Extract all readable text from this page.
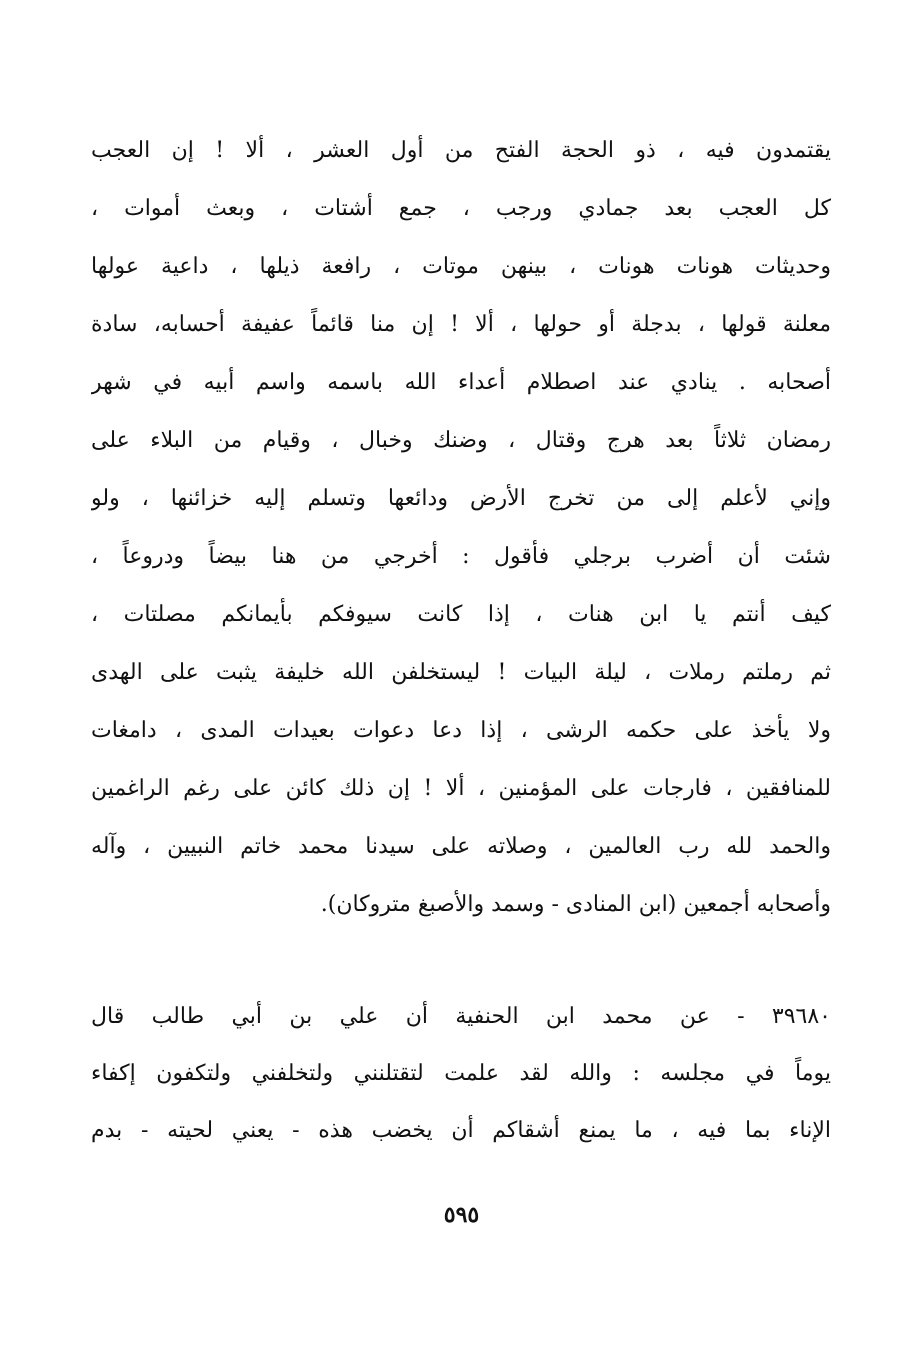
يقتمدون فيه ، ذو الحجة الفتح من أول العشر ، ألا ! إن العجب
كل العجب بعد جمادي ورجب ، جمع أشتات ، وبعث أموات ،
وحديثات هونات هونات ، بينهن موتات ، رافعة ذيلها ، داعية عولها
معلنة قولها ، بدجلة أو حولها ، ألا ! إن منا قائماً عفيفة أحسابه، سادة
أصحابه . ينادي عند اصطلام أعداء الله باسمه واسم أبيه في شهر
رمضان ثلاثاً بعد هرج وقتال ، وضنك وخبال ، وقيام من البلاء على
وإني لأعلم إلى من تخرج الأرض ودائعها وتسلم إليه خزائنها ، ولو
شئت أن أضرب برجلي فأقول : أخرجي من هنا بيضاً ودروعاً ،
كيف أنتم يا ابن هنات ، إذا كانت سيوفكم بأيمانكم مصلتات ،
ثم رملتم رملات ، ليلة البيات ! ليستخلفن الله خليفة يثبت على الهدى
ولا يأخذ على حكمه الرشى ، إذا دعا دعوات بعيدات المدى ، دامغات
للمنافقين ، فارجات على المؤمنين ، ألا ! إن ذلك كائن على رغم الراغمين
والحمد لله رب العالمين ، وصلاته على سيدنا محمد خاتم النبيين ، وآله
وأصحابه أجمعين (ابن المنادى - وسمد والأصبغ متروكان).
٣٩٦٨٠ - عن محمد ابن الحنفية أن علي بن أبي طالب قال
يوماً في مجلسه : والله لقد علمت لتقتلنني ولتخلفني ولتكفون إكفاء
الإناء بما فيه ، ما يمنع أشقاكم أن يخضب هذه - يعني لحيته - بدم
٥٩٥
